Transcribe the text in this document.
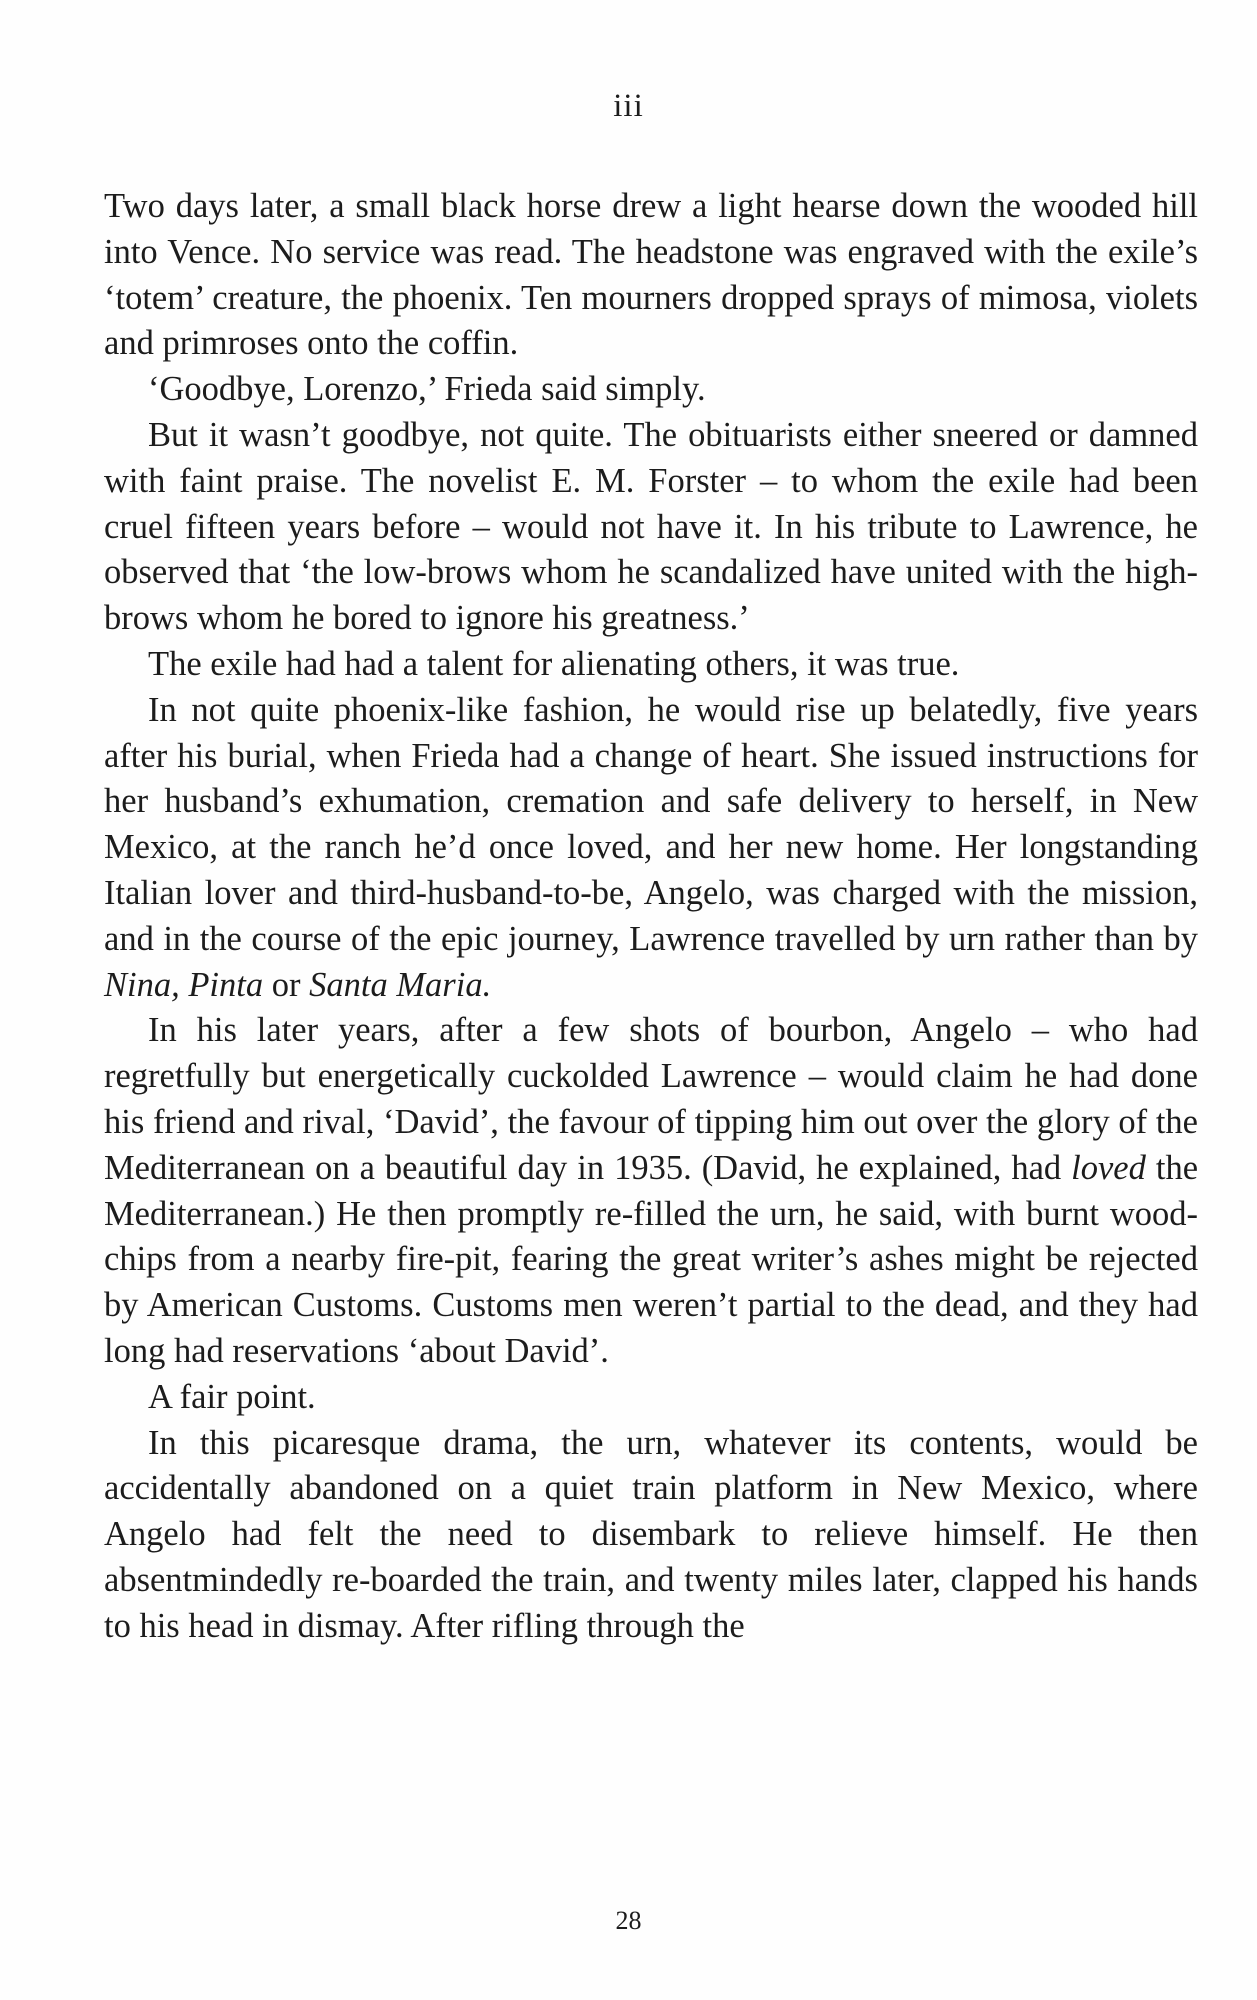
iii

Two days later, a small black horse drew a light hearse down the wooded hill into Vence. No service was read. The headstone was engraved with the exile’s ‘totem’ creature, the phoenix. Ten mourners dropped sprays of mimosa, violets and primroses onto the coffin.

‘Goodbye, Lorenzo,’ Frieda said simply.

But it wasn’t goodbye, not quite. The obituarists either sneered or damned with faint praise. The novelist E. M. Forster – to whom the exile had been cruel fifteen years before – would not have it. In his tribute to Lawrence, he observed that ‘the low-brows whom he scandalized have united with the high-brows whom he bored to ignore his greatness.’

The exile had had a talent for alienating others, it was true.

In not quite phoenix-like fashion, he would rise up belatedly, five years after his burial, when Frieda had a change of heart. She issued instructions for her husband’s exhumation, cremation and safe delivery to herself, in New Mexico, at the ranch he’d once loved, and her new home. Her longstanding Italian lover and third-husband-to-be, Angelo, was charged with the mission, and in the course of the epic journey, Lawrence travelled by urn rather than by Nina, Pinta or Santa Maria.

In his later years, after a few shots of bourbon, Angelo – who had regretfully but energetically cuckolded Lawrence – would claim he had done his friend and rival, ‘David’, the favour of tipping him out over the glory of the Mediterranean on a beautiful day in 1935. (David, he explained, had loved the Mediterranean.) He then promptly re-filled the urn, he said, with burnt wood-chips from a nearby fire-pit, fearing the great writer’s ashes might be rejected by American Customs. Customs men weren’t partial to the dead, and they had long had reservations ‘about David’.

A fair point.

In this picaresque drama, the urn, whatever its contents, would be accidentally abandoned on a quiet train platform in New Mexico, where Angelo had felt the need to disembark to relieve himself. He then absentmindedly re-boarded the train, and twenty miles later, clapped his hands to his head in dismay. After rifling through the

28
